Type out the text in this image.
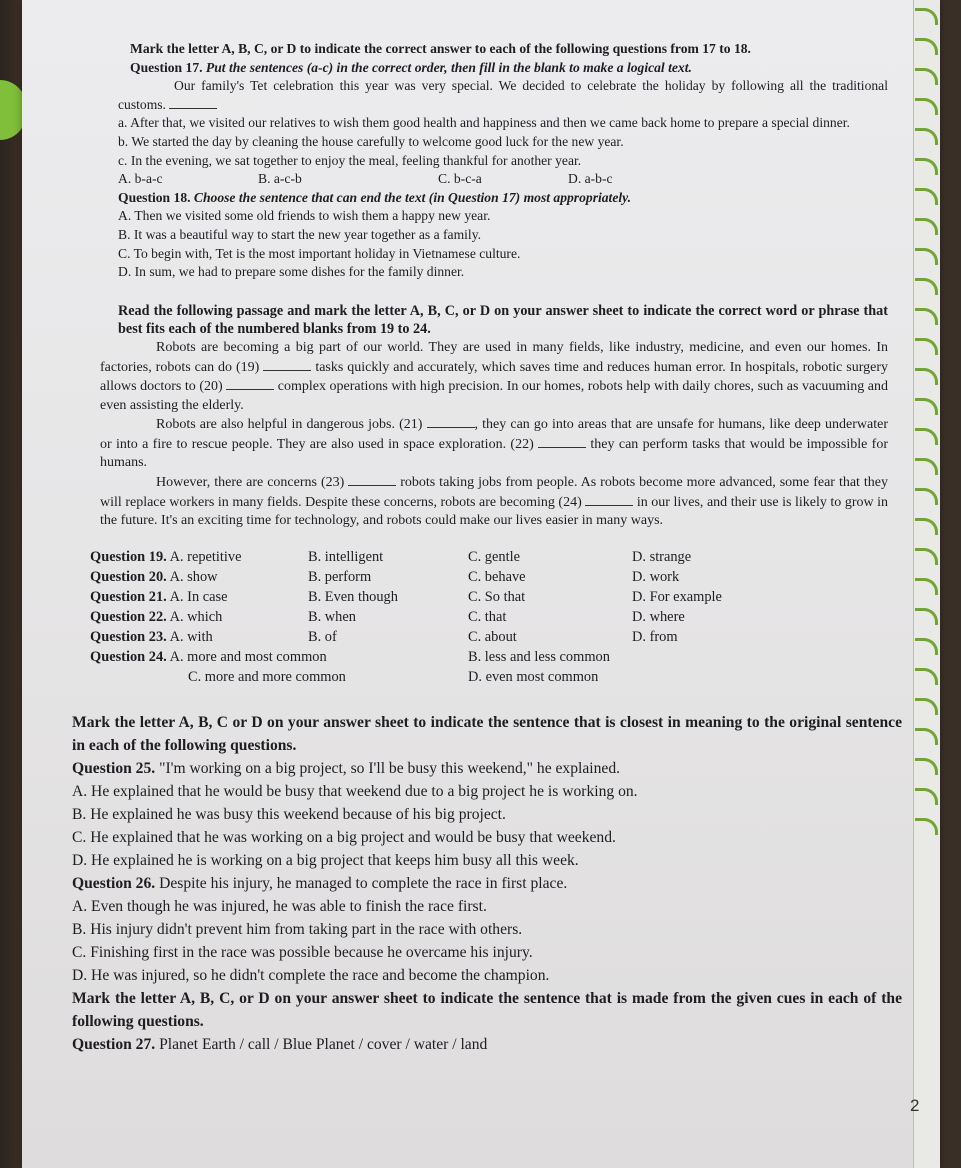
Mark the letter A, B, C, or D to indicate the correct answer to each of the following questions from 17 to 18.

Question 17. Put the sentences (a-c) in the correct order, then fill in the blank to make a logical text.

Our family's Tet celebration this year was very special. We decided to celebrate the holiday by following all the traditional customs.

a. After that, we visited our relatives to wish them good health and happiness and then we came back home to prepare a special dinner.

b. We started the day by cleaning the house carefully to welcome good luck for the new year.

c. In the evening, we sat together to enjoy the meal, feeling thankful for another year.

A. b-a-c	B. a-c-b	C. b-c-a	D. a-b-c

Question 18. Choose the sentence that can end the text (in Question 17) most appropriately.

A. Then we visited some old friends to wish them a happy new year.

B. It was a beautiful way to start the new year together as a family.

C. To begin with, Tet is the most important holiday in Vietnamese culture.

D. In sum, we had to prepare some dishes for the family dinner.

Read the following passage and mark the letter A, B, C, or D on your answer sheet to indicate the correct word or phrase that best fits each of the numbered blanks from 19 to 24.

Robots are becoming a big part of our world. They are used in many fields, like industry, medicine, and even our homes. In factories, robots can do (19)	tasks quickly and accurately, which saves time and reduces human error. In hospitals, robotic surgery allows doctors to (20)	complex operations with high precision. In our homes, robots help with daily chores, such as vacuuming and even assisting the elderly.

Robots are also helpful in dangerous jobs. (21)	, they can go into areas that are unsafe for humans, like deep underwater or into a fire to rescue people. They are also used in space exploration. (22)	they can perform tasks that would be impossible for humans.

However, there are concerns (23)	robots taking jobs from people. As robots become more advanced, some fear that they will replace workers in many fields. Despite these concerns, robots are becoming (24)	in our lives, and their use is likely to grow in the future. It's an exciting time for technology, and robots could make our lives easier in many ways.

Question 19. A. repetitive	B. intelligent	C. gentle	D. strange
Question 20. A. show	B. perform	C. behave	D. work
Question 21. A. In case	B. Even though	C. So that	D. For example
Question 22. A. which	B. when	C. that	D. where
Question 23. A. with	B. of	C. about	D. from
Question 24. A. more and most common		B. less and less common	
C. more and more common		D. even most common	

Mark the letter A, B, C or D on your answer sheet to indicate the sentence that is closest in meaning to the original sentence in each of the following questions.

Question 25. "I'm working on a big project, so I'll be busy this weekend," he explained.

A. He explained that he would be busy that weekend due to a big project he is working on.

B. He explained he was busy this weekend because of his big project.

C. He explained that he was working on a big project and would be busy that weekend.

D. He explained he is working on a big project that keeps him busy all this week.

Question 26. Despite his injury, he managed to complete the race in first place.

A. Even though he was injured, he was able to finish the race first.

B. His injury didn't prevent him from taking part in the race with others.

C. Finishing first in the race was possible because he overcame his injury.

D. He was injured, so he didn't complete the race and become the champion.

Mark the letter A, B, C, or D on your answer sheet to indicate the sentence that is made from the given cues in each of the following questions.

Question 27. Planet Earth / call / Blue Planet / cover / water / land

2
